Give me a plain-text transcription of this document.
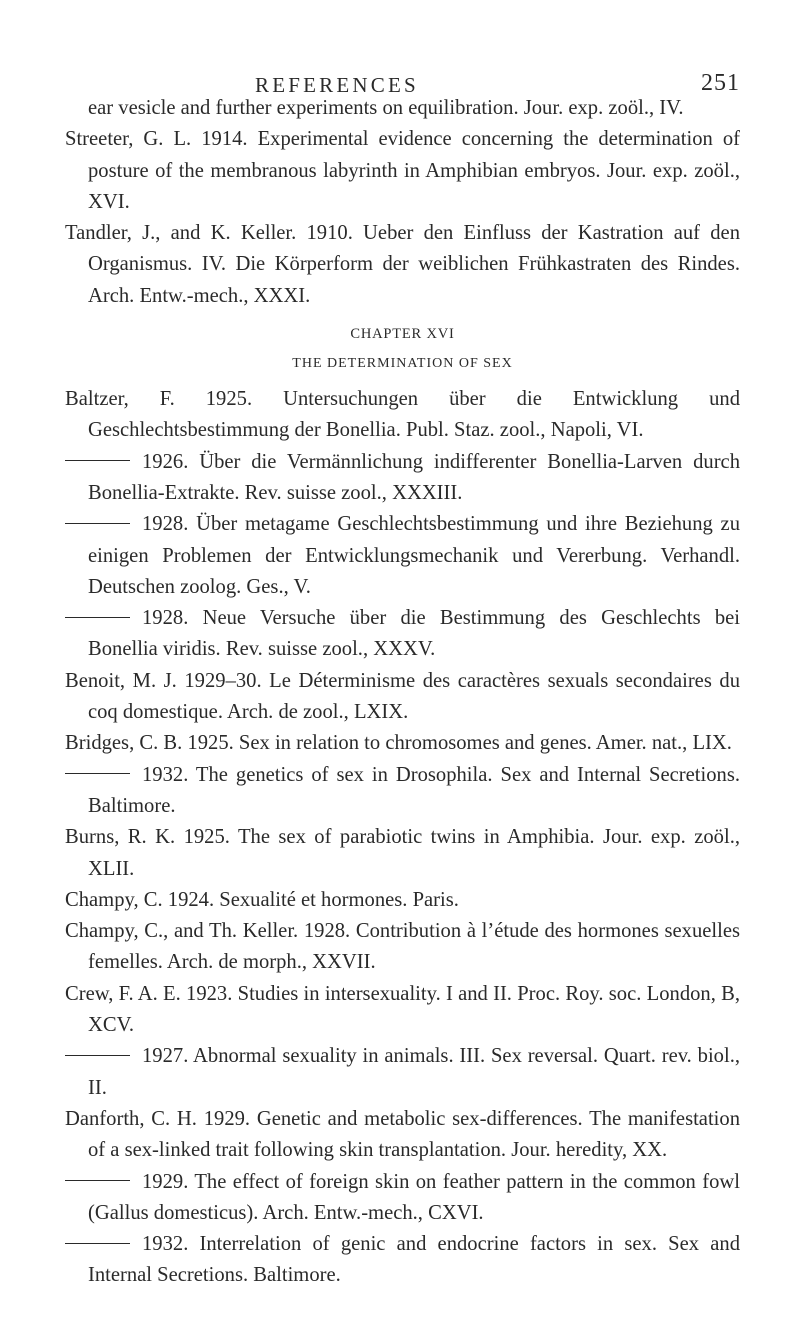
REFERENCES	251

ear vesicle and further experiments on equilibration. Jour. exp. zoöl., IV.

Streeter, G. L. 1914. Experimental evidence concerning the determination of posture of the membranous labyrinth in Amphibian embryos. Jour. exp. zoöl., XVI.

Tandler, J., and K. Keller. 1910. Ueber den Einfluss der Kastration auf den Organismus. IV. Die Körperform der weiblichen Frühkastraten des Rindes. Arch. Entw.-mech., XXXI.

CHAPTER XVI
THE DETERMINATION OF SEX

Baltzer, F. 1925. Untersuchungen über die Entwicklung und Geschlechtsbestimmung der Bonellia. Publ. Staz. zool., Napoli, VI.

1926. Über die Vermännlichung indifferenter Bonellia-Larven durch Bonellia-Extrakte. Rev. suisse zool., XXXIII.

1928. Über metagame Geschlechtsbestimmung und ihre Beziehung zu einigen Problemen der Entwicklungsmechanik und Vererbung. Verhandl. Deutschen zoolog. Ges., V.

1928. Neue Versuche über die Bestimmung des Geschlechts bei Bonellia viridis. Rev. suisse zool., XXXV.

Benoit, M. J. 1929–30. Le Déterminisme des caractères sexuals secondaires du coq domestique. Arch. de zool., LXIX.

Bridges, C. B. 1925. Sex in relation to chromosomes and genes. Amer. nat., LIX.

1932. The genetics of sex in Drosophila. Sex and Internal Secretions. Baltimore.

Burns, R. K. 1925. The sex of parabiotic twins in Amphibia. Jour. exp. zoöl., XLII.

Champy, C. 1924. Sexualité et hormones. Paris.

Champy, C., and Th. Keller. 1928. Contribution à l’étude des hormones sexuelles femelles. Arch. de morph., XXVII.

Crew, F. A. E. 1923. Studies in intersexuality. I and II. Proc. Roy. soc. London, B, XCV.

1927. Abnormal sexuality in animals. III. Sex reversal. Quart. rev. biol., II.

Danforth, C. H. 1929. Genetic and metabolic sex-differences. The manifestation of a sex-linked trait following skin transplantation. Jour. heredity, XX.

1929. The effect of foreign skin on feather pattern in the common fowl (Gallus domesticus). Arch. Entw.-mech., CXVI.

1932. Interrelation of genic and endocrine factors in sex. Sex and Internal Secretions. Baltimore.
